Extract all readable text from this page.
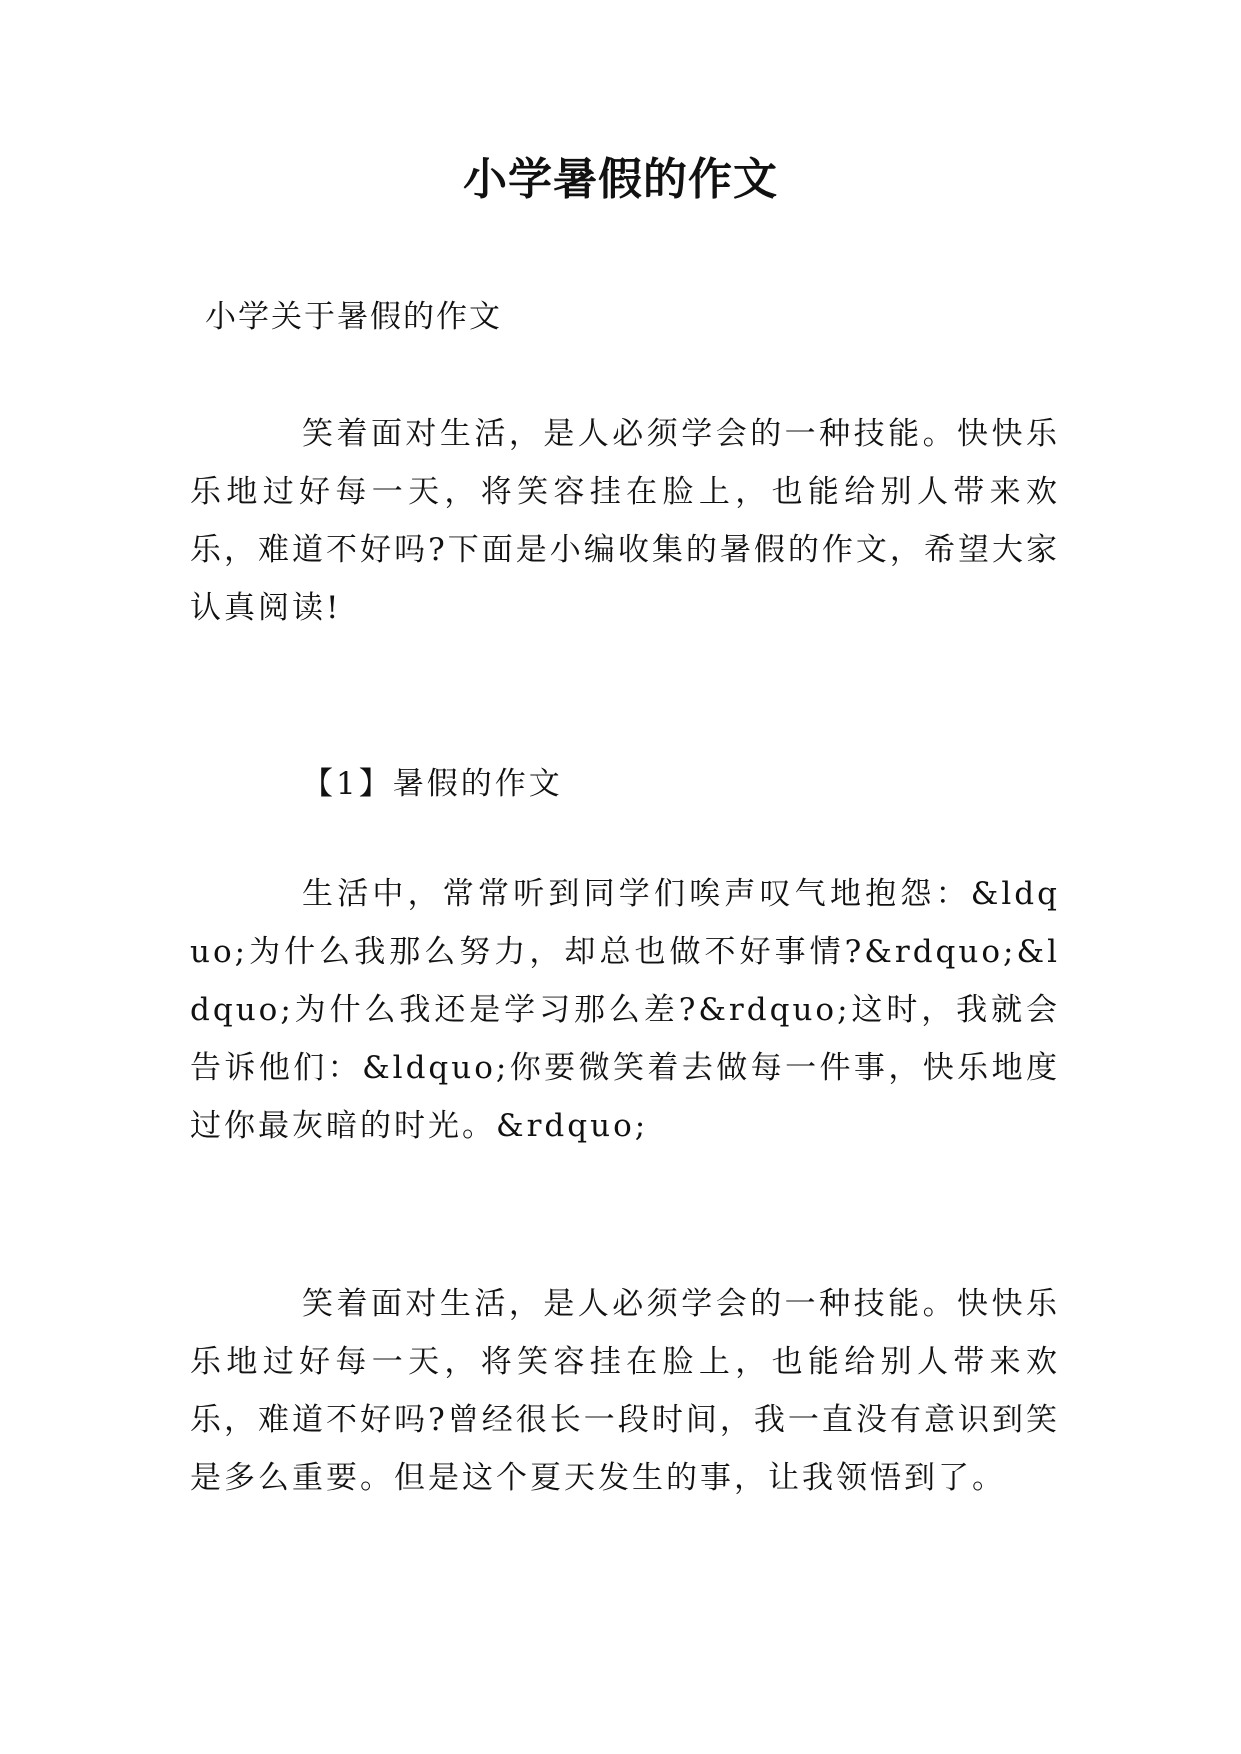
小学暑假的作文

小学关于暑假的作文

笑着面对生活，是人必须学会的一种技能。快快乐乐地过好每一天，将笑容挂在脸上，也能给别人带来欢乐，难道不好吗?下面是小编收集的暑假的作文，希望大家认真阅读!

【1】暑假的作文

生活中，常常听到同学们唉声叹气地抱怨：&ldquo;为什么我那么努力，却总也做不好事情?&rdquo;&ldquo;为什么我还是学习那么差?&rdquo;这时，我就会告诉他们：&ldquo;你要微笑着去做每一件事，快乐地度过你最灰暗的时光。&rdquo;

笑着面对生活，是人必须学会的一种技能。快快乐乐地过好每一天，将笑容挂在脸上，也能给别人带来欢乐，难道不好吗?曾经很长一段时间，我一直没有意识到笑是多么重要。但是这个夏天发生的事，让我领悟到了。
